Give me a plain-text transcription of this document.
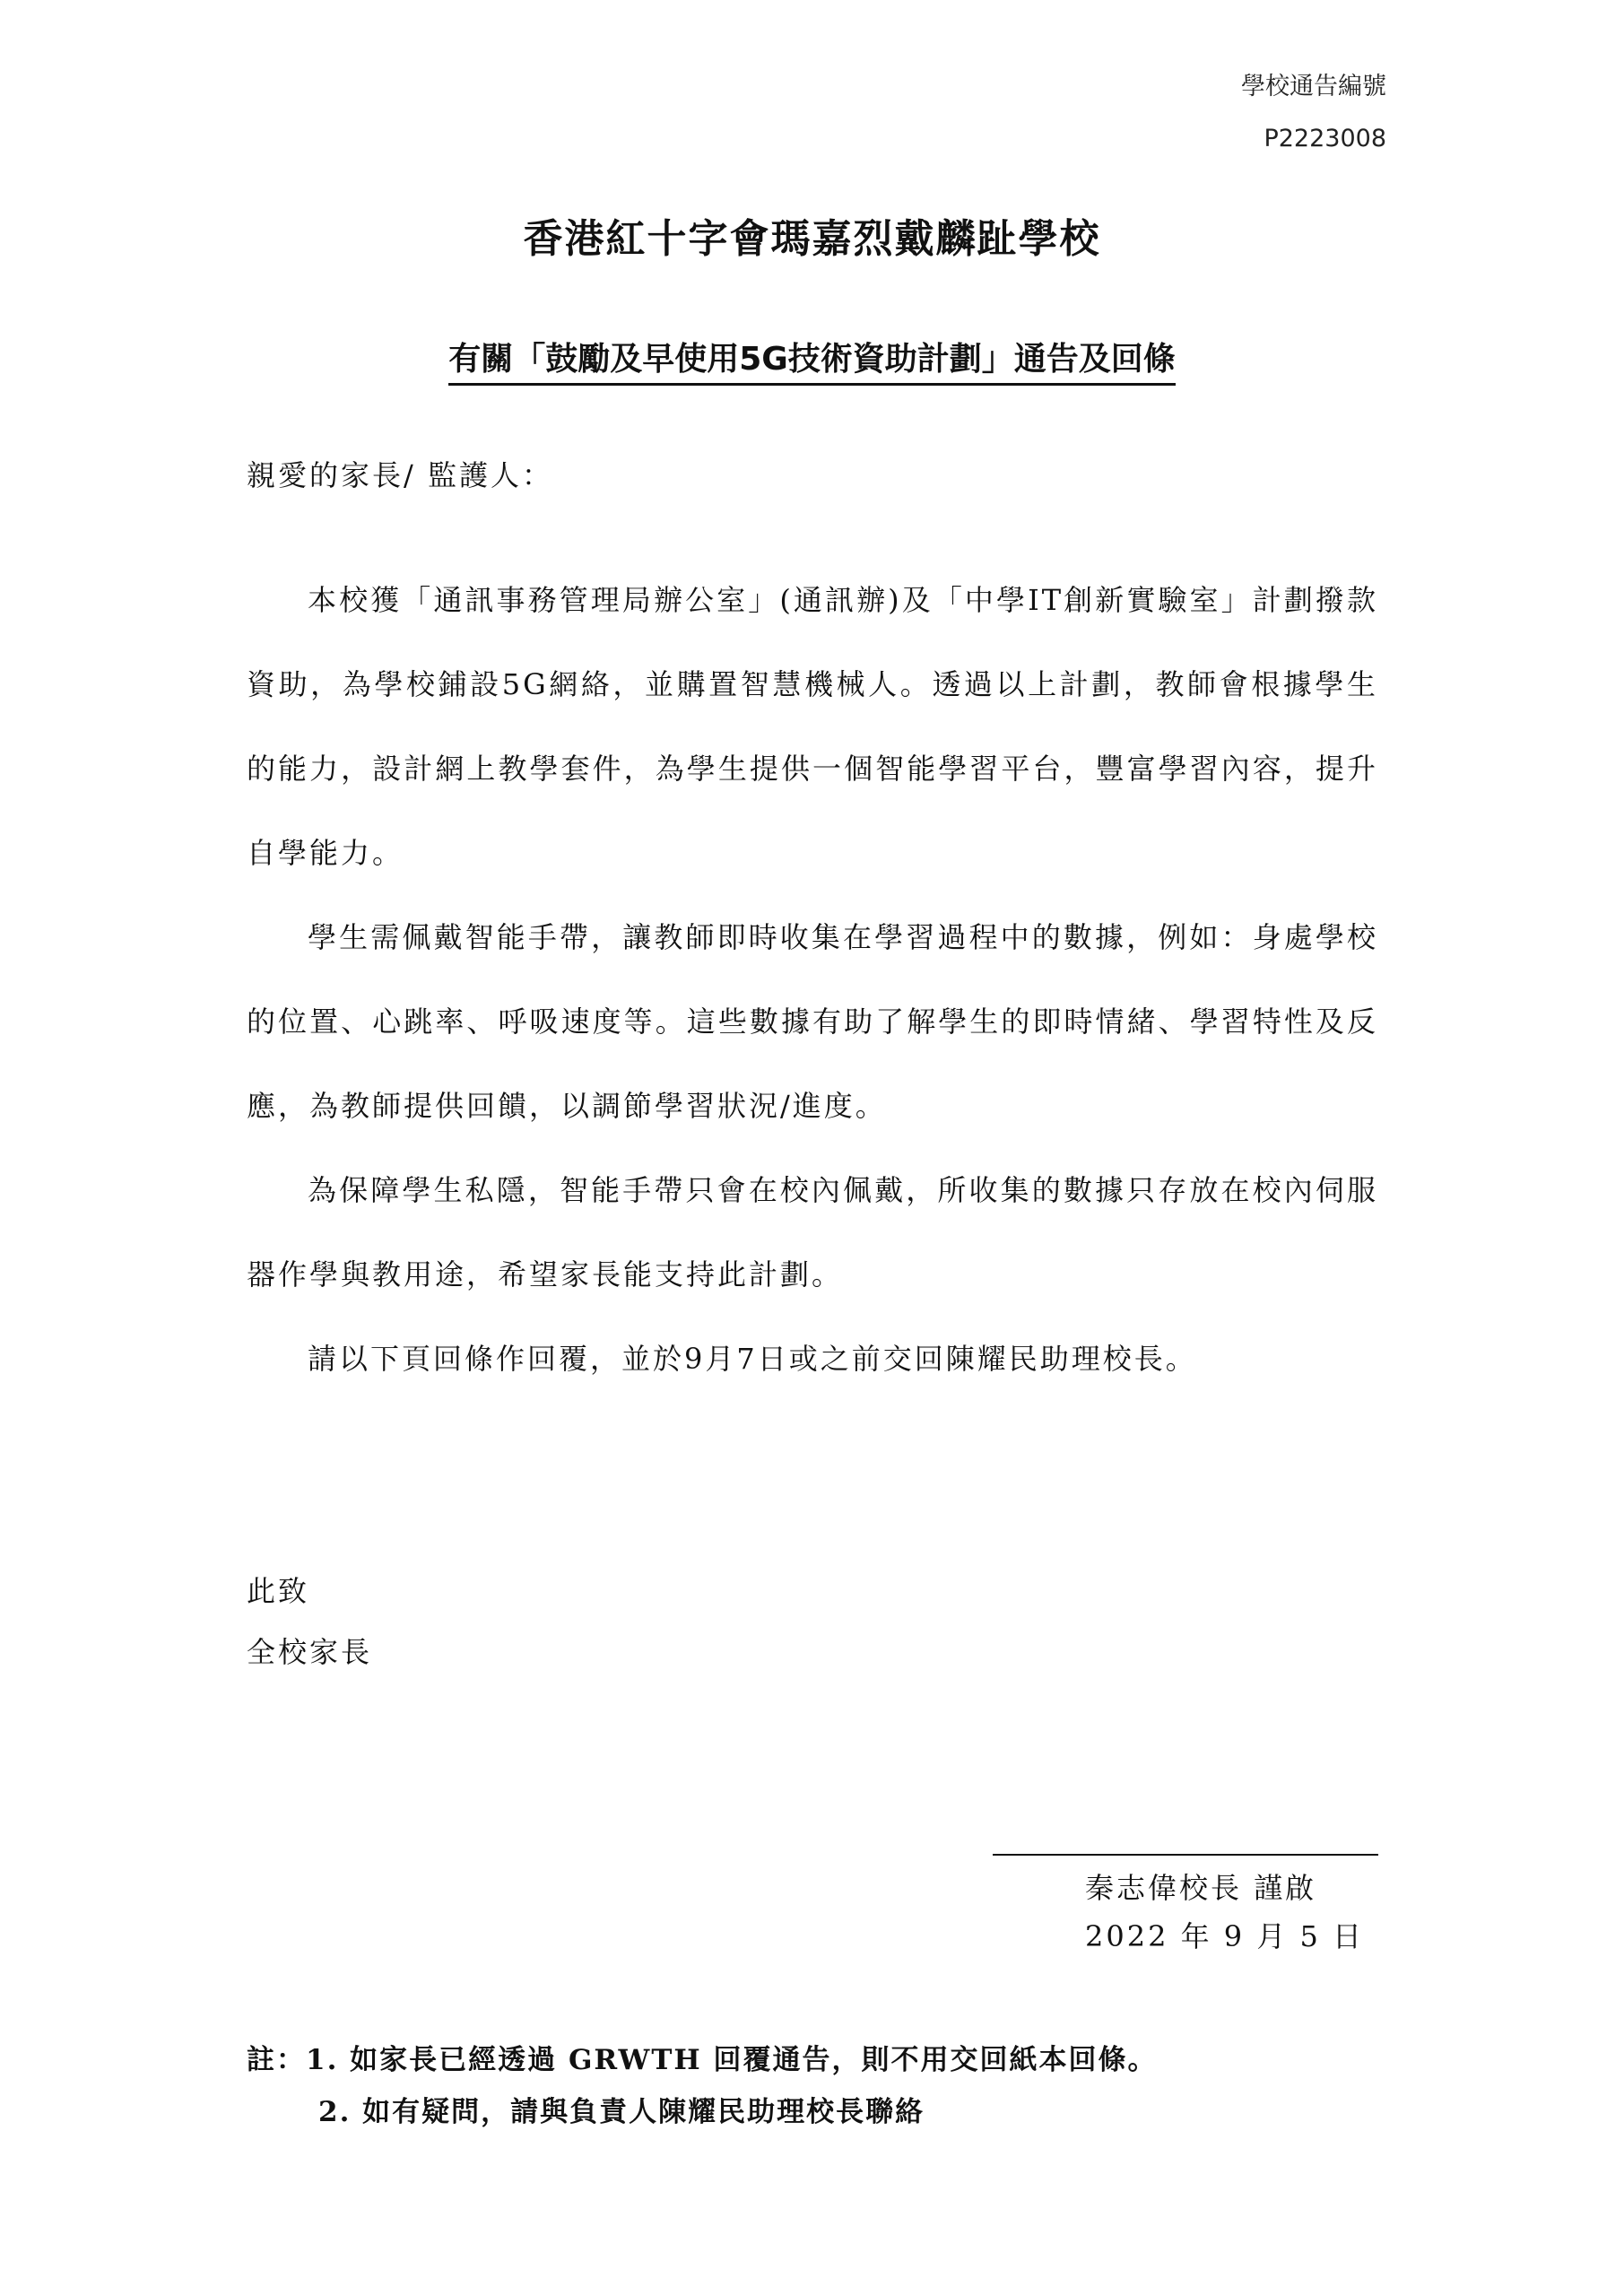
學校通告編號
P2223008
香港紅十字會瑪嘉烈戴麟趾學校
有關「鼓勵及早使用5G技術資助計劃」通告及回條
親愛的家長/ 監護人：

本校獲「通訊事務管理局辦公室」(通訊辦)及「中學IT創新實驗室」計劃撥款資助，為學校鋪設5G網絡，並購置智慧機械人。透過以上計劃，教師會根據學生的能力，設計網上教學套件，為學生提供一個智能學習平台，豐富學習內容，提升自學能力。

學生需佩戴智能手帶，讓教師即時收集在學習過程中的數據，例如：身處學校的位置、心跳率、呼吸速度等。這些數據有助了解學生的即時情緒、學習特性及反應，為教師提供回饋，以調節學習狀況/進度。

為保障學生私隱，智能手帶只會在校內佩戴，所收集的數據只存放在校內伺服器作學與教用途，希望家長能支持此計劃。

請以下頁回條作回覆，並於9月7日或之前交回陳耀民助理校長。

此致
全校家長
秦志偉校長 謹啟
2022 年 9 月 5 日
註：1. 如家長已經透過 GRWTH 回覆通告，則不用交回紙本回條。
2. 如有疑問，請與負責人陳耀民助理校長聯絡
